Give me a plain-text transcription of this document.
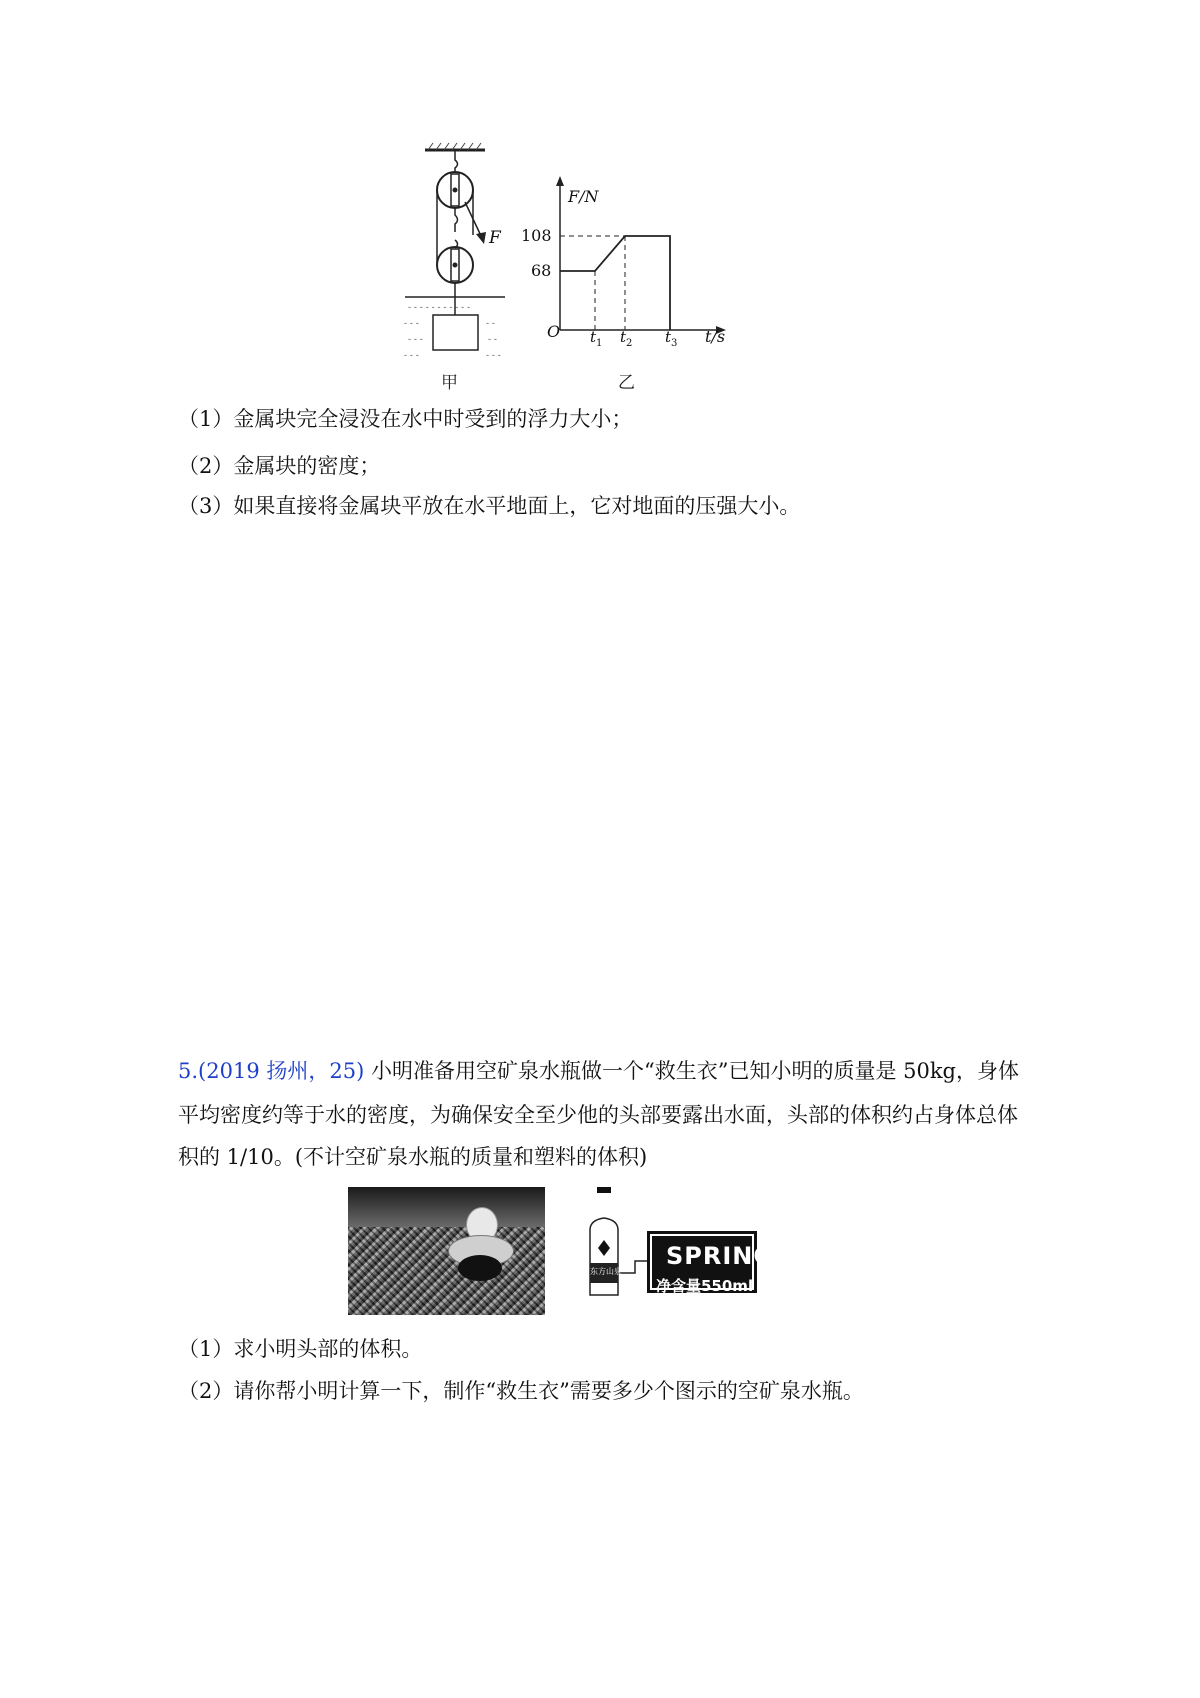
- - - - - - - - - - -
- - -	- -
- - -	- -
- - -	- - -
F
甲
F/N
108
68
O $t_1$ $t_2$ $t_3$ t/s
乙
（1）金属块完全浸没在水中时受到的浮力大小；
（2）金属块的密度；
（3）如果直接将金属块平放在水平地面上，它对地面的压强大小。
5.(2019 扬州，25) 小明准备用空矿泉水瓶做一个“救生衣”已知小明的质量是 50kg，身体
平均密度约等于水的密度，为确保安全至少他的头部要露出水面，头部的体积约占身体总体
积的 1/10。(不计空矿泉水瓶的质量和塑料的体积)
东方山泉
SPRING
净含量550ml
（1）求小明头部的体积。
（2）请你帮小明计算一下，制作“救生衣”需要多少个图示的空矿泉水瓶。
